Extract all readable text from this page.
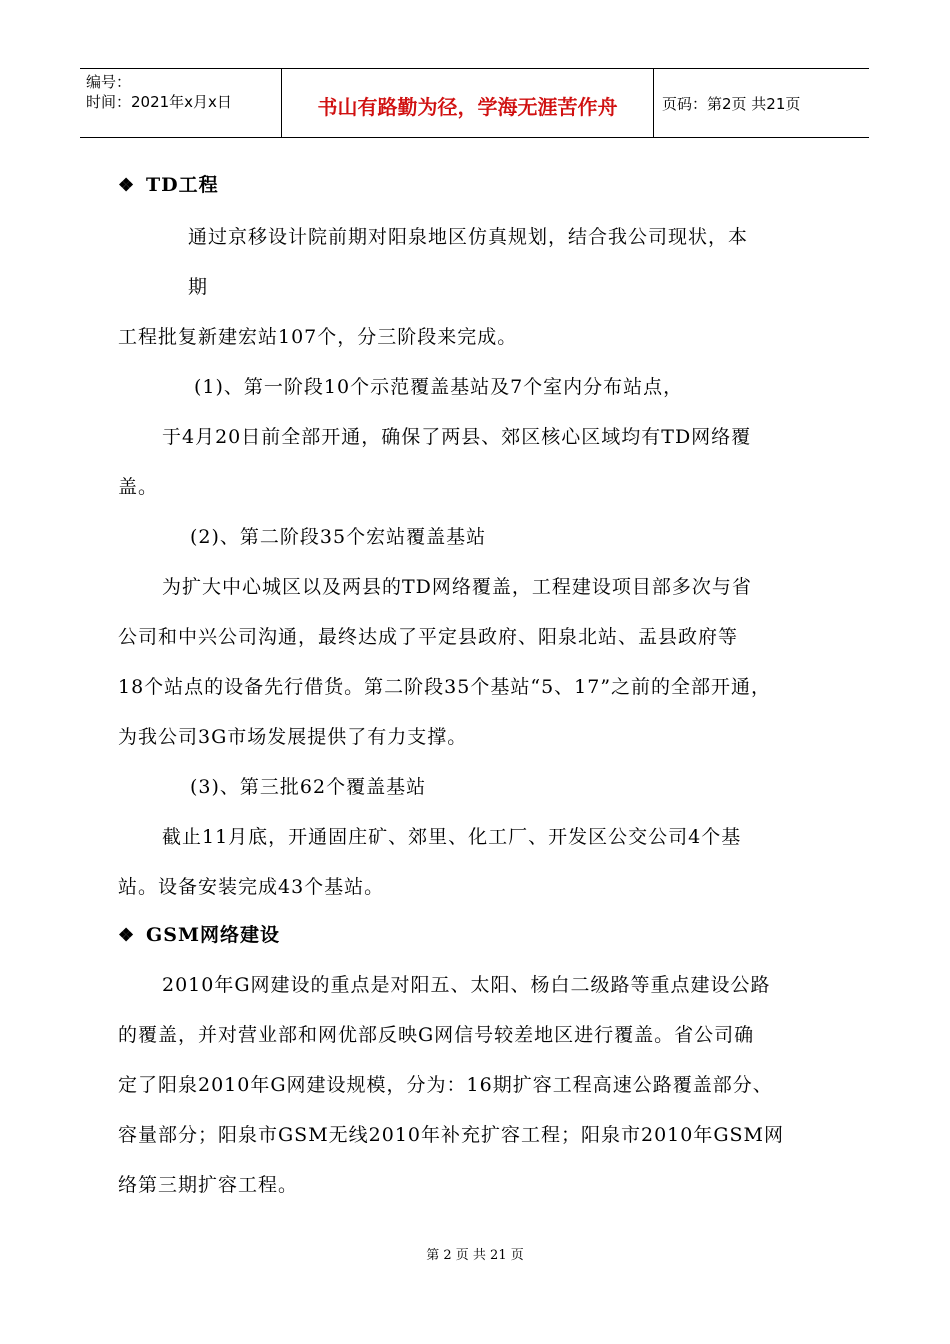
编号：
时间：2021年x月x日	书山有路勤为径，学海无涯苦作舟	页码：第2页 共21页
❖ TD工程
通过京移设计院前期对阳泉地区仿真规划，结合我公司现状，本
期
工程批复新建宏站107个，分三阶段来完成。
(1)、第一阶段10个示范覆盖基站及7个室内分布站点，
于4月20日前全部开通，确保了两县、郊区核心区域均有TD网络覆
盖。
(2)、第二阶段35个宏站覆盖基站
为扩大中心城区以及两县的TD网络覆盖，工程建设项目部多次与省
公司和中兴公司沟通，最终达成了平定县政府、阳泉北站、盂县政府等
18个站点的设备先行借货。第二阶段35个基站“5、17”之前的全部开通，
为我公司3G市场发展提供了有力支撑。
(3)、第三批62个覆盖基站
截止11月底，开通固庄矿、郊里、化工厂、开发区公交公司4个基
站。设备安装完成43个基站。
❖ GSM网络建设
2010年G网建设的重点是对阳五、太阳、杨白二级路等重点建设公路
的覆盖，并对营业部和网优部反映G网信号较差地区进行覆盖。省公司确
定了阳泉2010年G网建设规模，分为：16期扩容工程高速公路覆盖部分、
容量部分；阳泉市GSM无线2010年补充扩容工程；阳泉市2010年GSM网
络第三期扩容工程。
第 2 页 共 21 页
